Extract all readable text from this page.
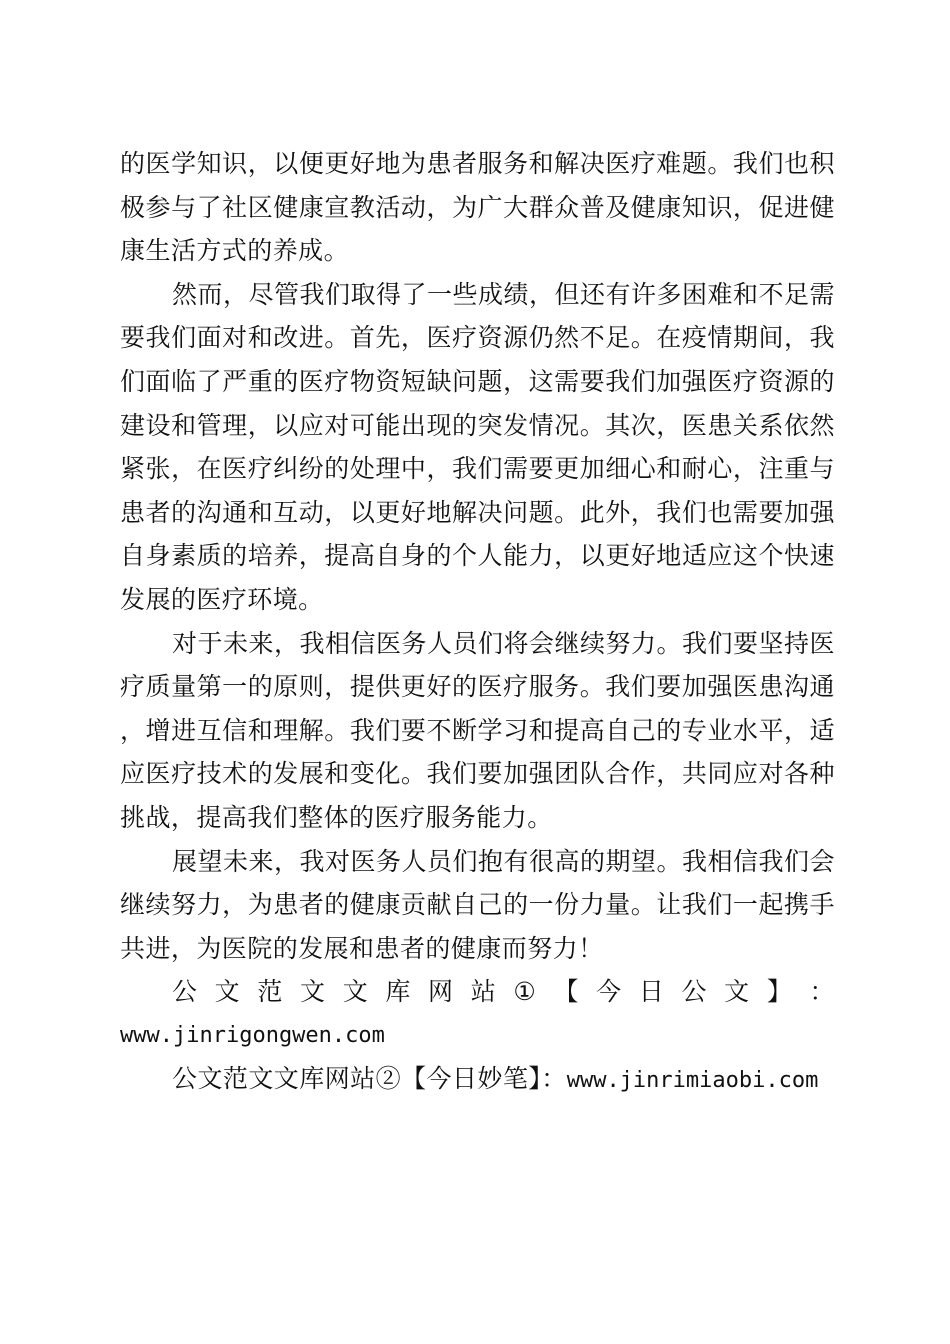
的医学知识，以便更好地为患者服务和解决医疗难题。我们也积极参与了社区健康宣教活动，为广大群众普及健康知识，促进健康生活方式的养成。

然而，尽管我们取得了一些成绩，但还有许多困难和不足需要我们面对和改进。首先，医疗资源仍然不足。在疫情期间，我们面临了严重的医疗物资短缺问题，这需要我们加强医疗资源的建设和管理，以应对可能出现的突发情况。其次，医患关系依然紧张，在医疗纠纷的处理中，我们需要更加细心和耐心，注重与患者的沟通和互动，以更好地解决问题。此外，我们也需要加强自身素质的培养，提高自身的个人能力，以更好地适应这个快速发展的医疗环境。

对于未来，我相信医务人员们将会继续努力。我们要坚持医疗质量第一的原则，提供更好的医疗服务。我们要加强医患沟通，增进互信和理解。我们要不断学习和提高自己的专业水平，适应医疗技术的发展和变化。我们要加强团队合作，共同应对各种挑战，提高我们整体的医疗服务能力。

展望未来，我对医务人员们抱有很高的期望。我相信我们会继续努力，为患者的健康贡献自己的一份力量。让我们一起携手共进，为医院的发展和患者的健康而努力！

公 文 范 文 文 库 网 站 ① 【 今 日 公 文 】 ：
www.jinrigongwen.com
公文范文文库网站②【今日妙笔】：www.jinrimiaobi.com
